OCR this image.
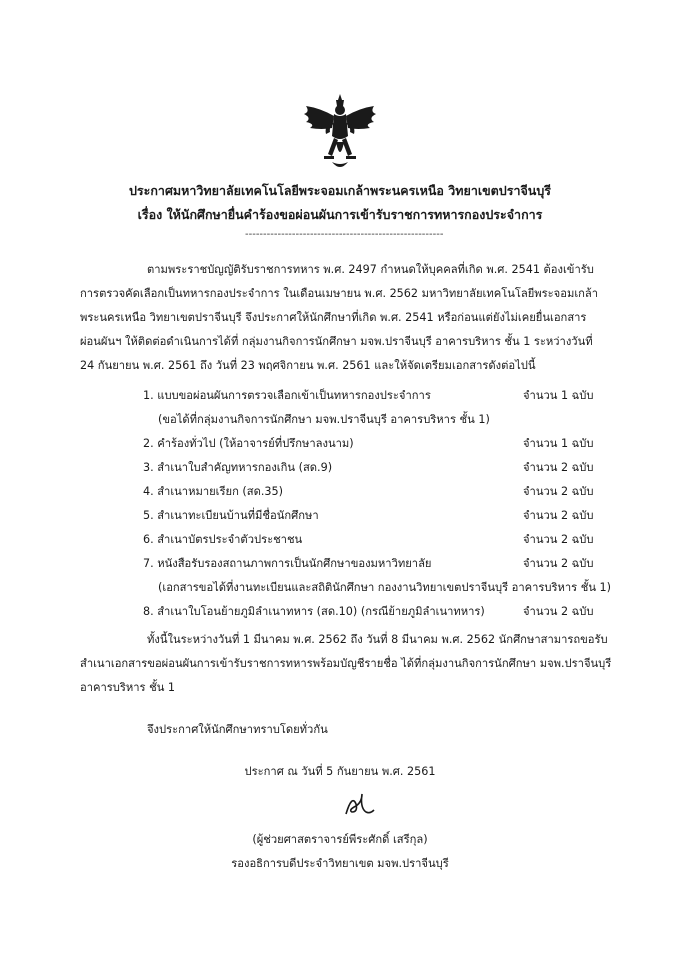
ประกาศมหาวิทยาลัยเทคโนโลยีพระจอมเกล้าพระนครเหนือ วิทยาเขตปราจีนบุรี
เรื่อง ให้นักศึกษายื่นคำร้องขอผ่อนผันการเข้ารับราชการทหารกองประจำการ
-------------------------------------------------------
ตามพระราชบัญญัติรับราชการทหาร พ.ศ. 2497 กำหนดให้บุคคลที่เกิด พ.ศ. 2541 ต้องเข้ารับ
การตรวจคัดเลือกเป็นทหารกองประจำการ ในเดือนเมษายน พ.ศ. 2562 มหาวิทยาลัยเทคโนโลยีพระจอมเกล้า
พระนครเหนือ วิทยาเขตปราจีนบุรี จึงประกาศให้นักศึกษาที่เกิด พ.ศ. 2541 หรือก่อนแต่ยังไม่เคยยื่นเอกสาร
ผ่อนผันฯ ให้ติดต่อดำเนินการได้ที่ กลุ่มงานกิจการนักศึกษา มจพ.ปราจีนบุรี อาคารบริหาร ชั้น 1 ระหว่างวันที่
24 กันยายน พ.ศ. 2561 ถึง วันที่ 23 พฤศจิกายน พ.ศ. 2561 และให้จัดเตรียมเอกสารดังต่อไปนี้
1. แบบขอผ่อนผันการตรวจเลือกเข้าเป็นทหารกองประจำการ	จำนวน 1 ฉบับ
(ขอได้ที่กลุ่มงานกิจการนักศึกษา มจพ.ปราจีนบุรี อาคารบริหาร ชั้น 1)
2. คำร้องทั่วไป (ให้อาจารย์ที่ปรึกษาลงนาม)	จำนวน 1 ฉบับ
3. สำเนาใบสำคัญทหารกองเกิน (สด.9)	จำนวน 2 ฉบับ
4. สำเนาหมายเรียก (สด.35)	จำนวน 2 ฉบับ
5. สำเนาทะเบียนบ้านที่มีชื่อนักศึกษา	จำนวน 2 ฉบับ
6. สำเนาบัตรประจำตัวประชาชน	จำนวน 2 ฉบับ
7. หนังสือรับรองสถานภาพการเป็นนักศึกษาของมหาวิทยาลัย	จำนวน 2 ฉบับ
(เอกสารขอได้ที่งานทะเบียนและสถิตินักศึกษา กองงานวิทยาเขตปราจีนบุรี อาคารบริหาร ชั้น 1)
8. สำเนาใบโอนย้ายภูมิลำเนาทหาร (สด.10) (กรณีย้ายภูมิลำเนาทหาร)	จำนวน 2 ฉบับ
ทั้งนี้ในระหว่างวันที่ 1 มีนาคม พ.ศ. 2562 ถึง วันที่ 8 มีนาคม พ.ศ. 2562 นักศึกษาสามารถขอรับ
สำเนาเอกสารขอผ่อนผันการเข้ารับราชการทหารพร้อมบัญชีรายชื่อ ได้ที่กลุ่มงานกิจการนักศึกษา มจพ.ปราจีนบุรี
อาคารบริหาร ชั้น 1
จึงประกาศให้นักศึกษาทราบโดยทั่วกัน
ประกาศ ณ วันที่ 5 กันยายน พ.ศ. 2561
(ผู้ช่วยศาสตราจารย์พีระศักดิ์ เสรีกุล)
รองอธิการบดีประจำวิทยาเขต มจพ.ปราจีนบุรี
